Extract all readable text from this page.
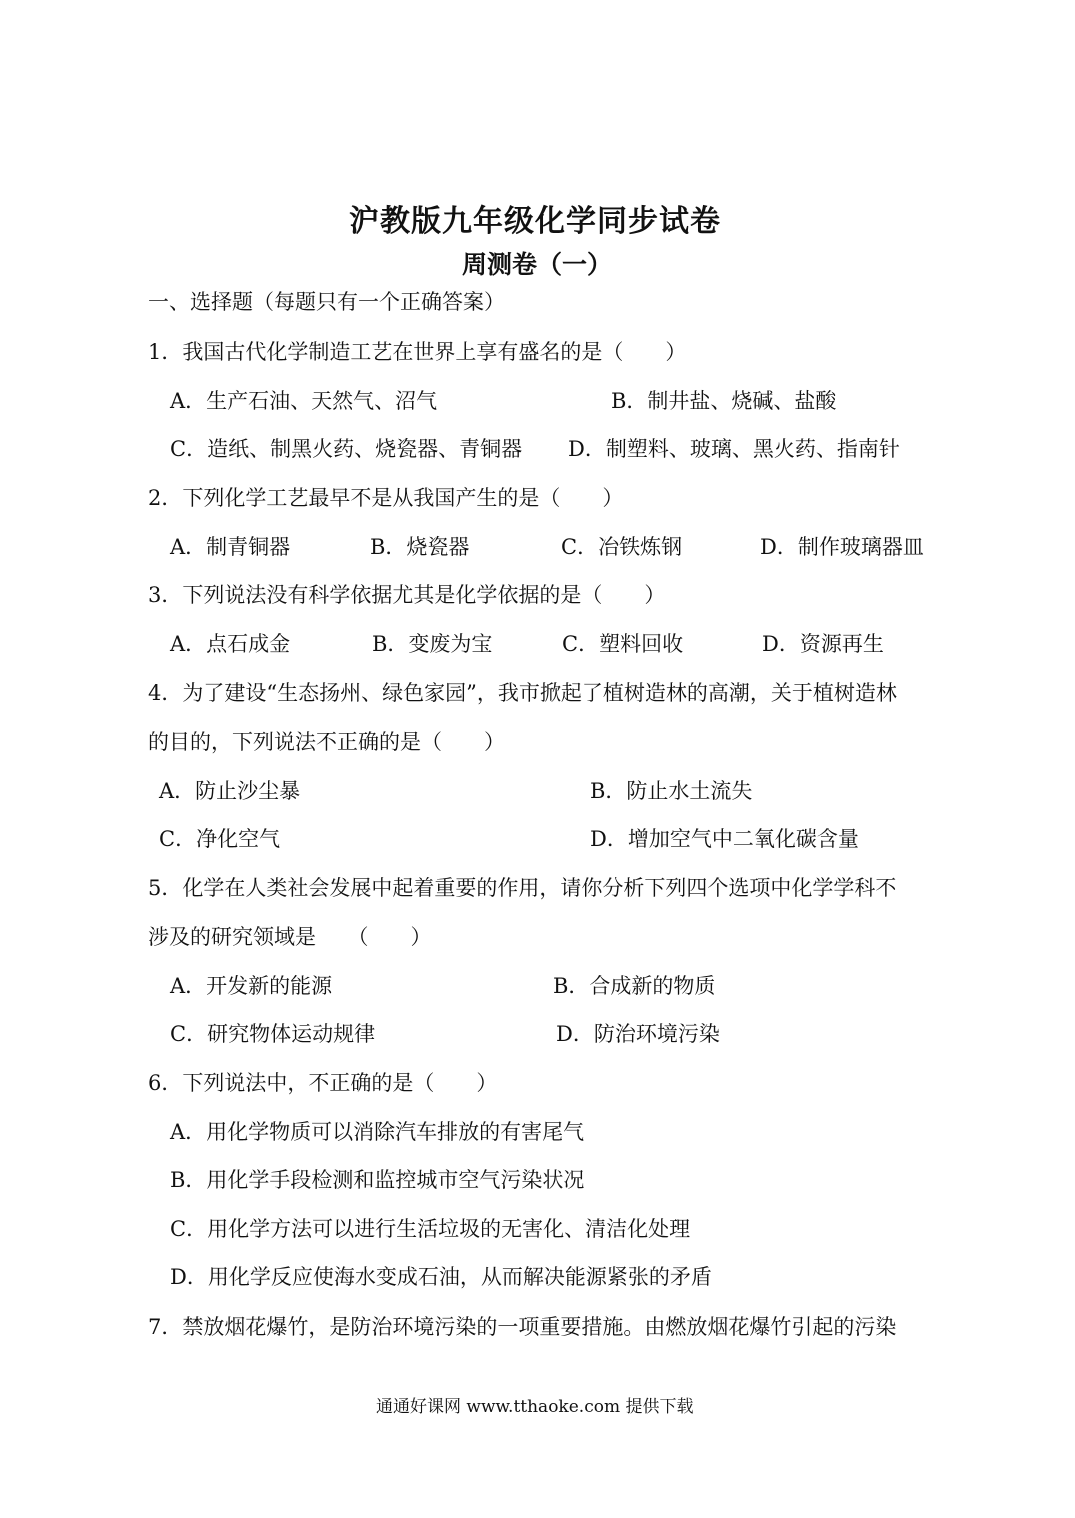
沪教版九年级化学同步试卷
周测卷（一）
一、选择题（每题只有一个正确答案）
1．我国古代化学制造工艺在世界上享有盛名的是（　　）
A．生产石油、天然气、沼气	B．制井盐、烧碱、盐酸
C．造纸、制黑火药、烧瓷器、青铜器 D．制塑料、玻璃、黑火药、指南针
2．下列化学工艺最早不是从我国产生的是（　　）
A．制青铜器	B．烧瓷器	C．冶铁炼钢	D．制作玻璃器皿
3．下列说法没有科学依据尤其是化学依据的是（　　）
A．点石成金	B．变废为宝	C．塑料回收	D．资源再生
4．为了建设“生态扬州、绿色家园”，我市掀起了植树造林的高潮，关于植树造林
的目的，下列说法不正确的是（　　）
A．防止沙尘暴	B．防止水土流失
C．净化空气	D．增加空气中二氧化碳含量
5．化学在人类社会发展中起着重要的作用，请你分析下列四个选项中化学学科不
涉及的研究领域是　　（　　）
A．开发新的能源	B．合成新的物质
C．研究物体运动规律	D．防治环境污染
6．下列说法中，不正确的是（　　）
A．用化学物质可以消除汽车排放的有害尾气
B．用化学手段检测和监控城市空气污染状况
C．用化学方法可以进行生活垃圾的无害化、清洁化处理
D．用化学反应使海水变成石油，从而解决能源紧张的矛盾
7．禁放烟花爆竹，是防治环境污染的一项重要措施。由燃放烟花爆竹引起的污染
通通好课网 www.tthaoke.com 提供下载
